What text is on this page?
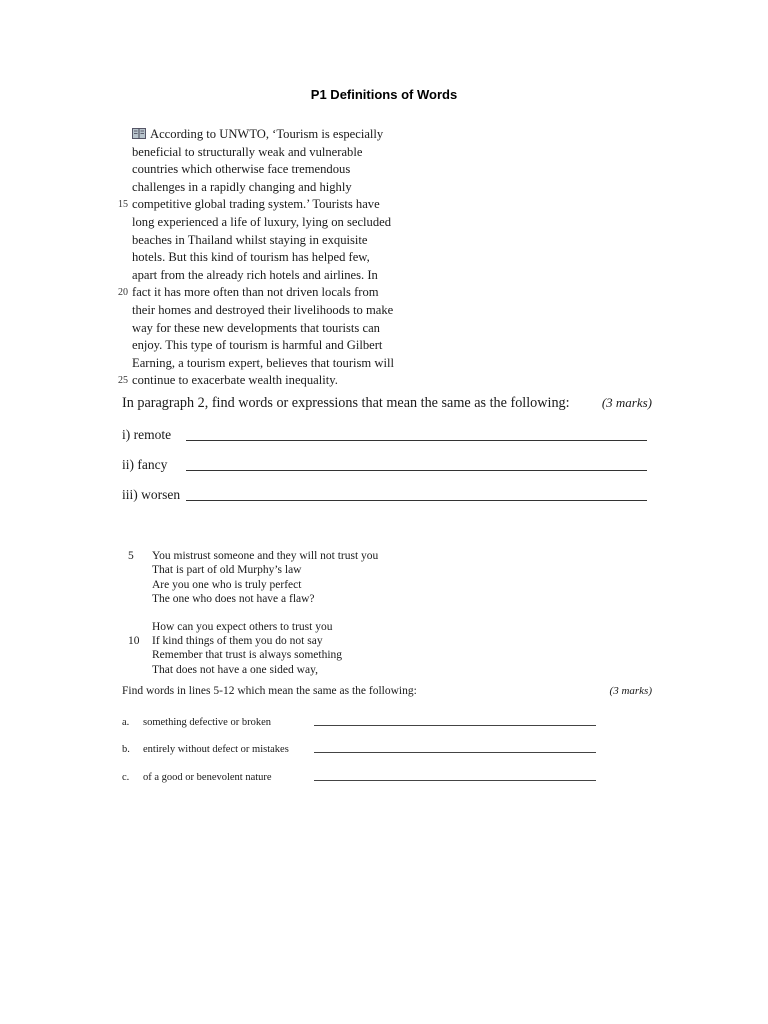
P1 Definitions of Words
According to UNWTO, ‘Tourism is especially
beneficial to structurally weak and vulnerable
countries which otherwise face tremendous
challenges in a rapidly changing and highly
15 competitive global trading system.’ Tourists have
long experienced a life of luxury, lying on secluded
beaches in Thailand whilst staying in exquisite
hotels. But this kind of tourism has helped few,
apart from the already rich hotels and airlines. In
20 fact it has more often than not driven locals from
their homes and destroyed their livelihoods to make
way for these new developments that tourists can
enjoy. This type of tourism is harmful and Gilbert
Earning, a tourism expert, believes that tourism will
25 continue to exacerbate wealth inequality.
In paragraph 2, find words or expressions that mean the same as the following: (3 marks)
i) remote
ii) fancy
iii) worsen
5 You mistrust someone and they will not trust you
That is part of old Murphy’s law
Are you one who is truly perfect
The one who does not have a flaw?
How can you expect others to trust you
10 If kind things of them you do not say
Remember that trust is always something
That does not have a one sided way,
Find words in lines 5-12 which mean the same as the following:	(3 marks)
a. something defective or broken
b. entirely without defect or mistakes
c. of a good or benevolent nature
